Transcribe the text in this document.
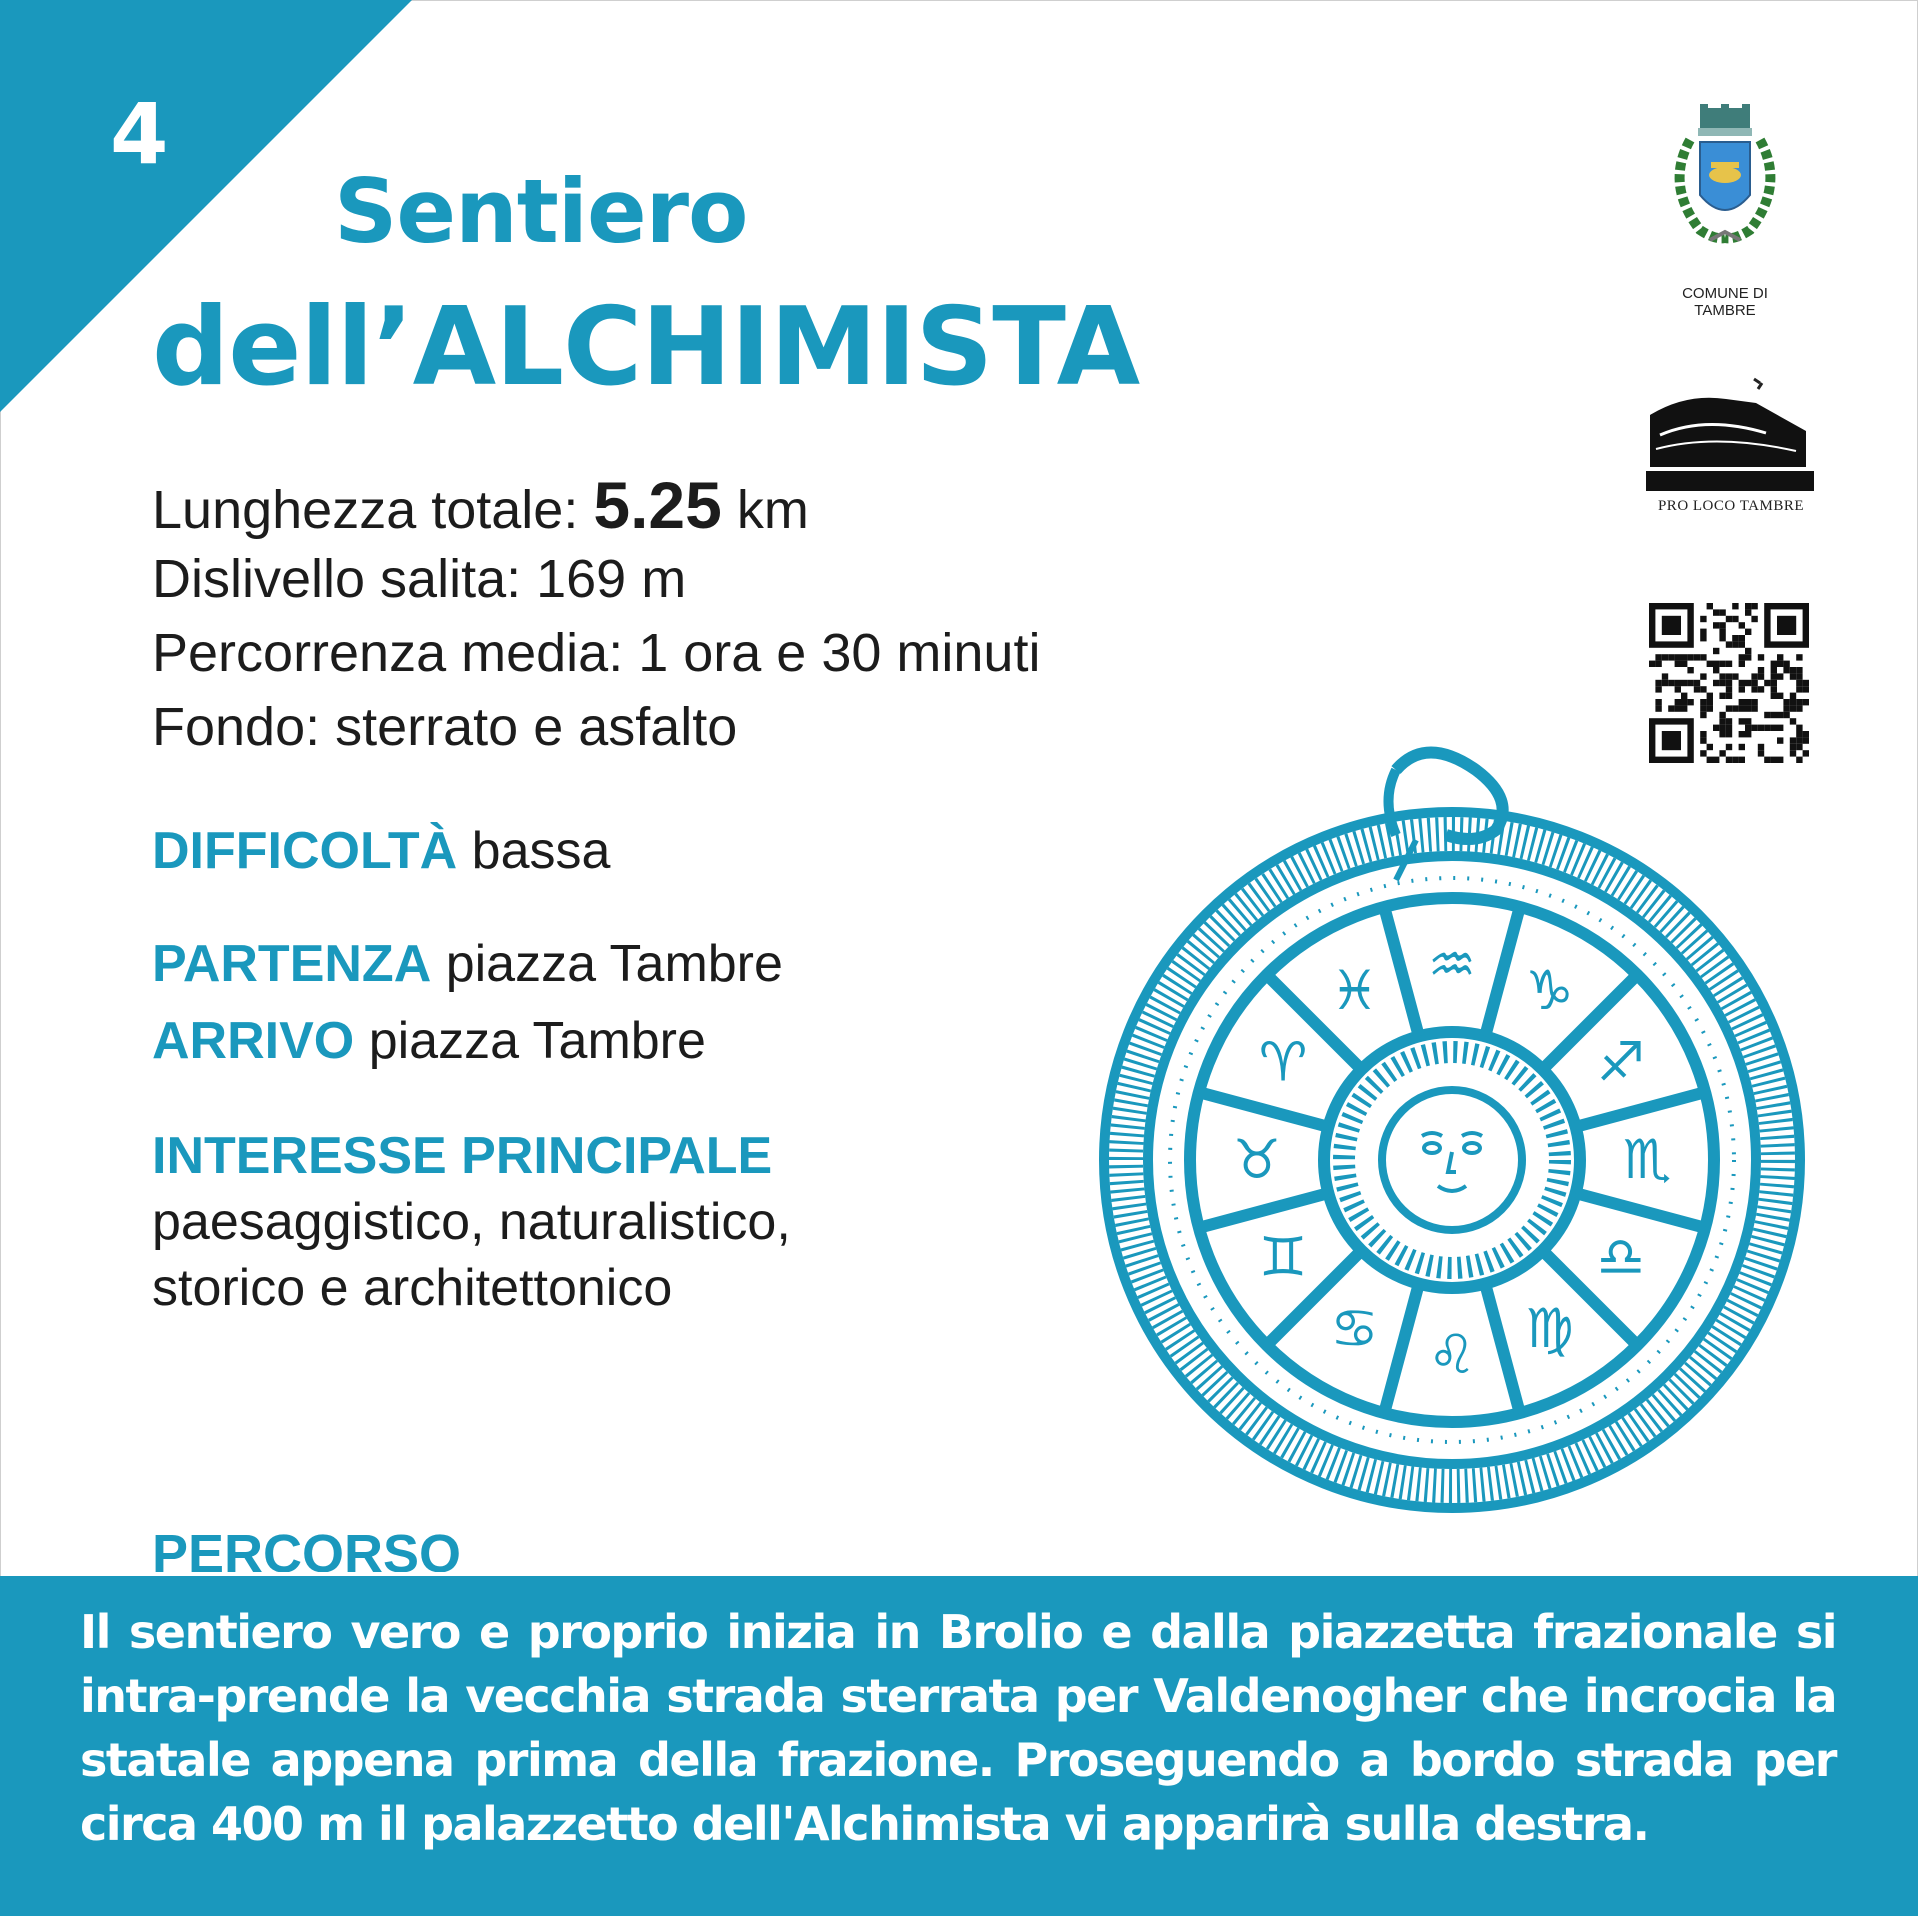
4
Sentiero
dell’ALCHIMISTA
Lunghezza totale: 5.25 km
Dislivello salita: 169 m
Percorrenza media: 1 ora e 30 minuti
Fondo: sterrato e asfalto
DIFFICOLTÀ bassa
PARTENZA piazza Tambre
ARRIVO piazza Tambre
INTERESSE PRINCIPALE
paesaggistico, naturalistico,
storico e architettonico
COMUNE DI
TAMBRE
PRO LOCO TAMBRE
♑
♐
♏
♎
♍
♌
♋
♊
♉
♈
♓ ♒
PERCORSO
Il sentiero vero e proprio inizia in Brolio e dalla piazzetta frazionale si intra-prende la vecchia strada sterrata per Valdenogher che incrocia la statale appena prima della frazione. Proseguendo a bordo strada per circa 400 m il palazzetto dell'Alchimista vi apparirà sulla destra.
